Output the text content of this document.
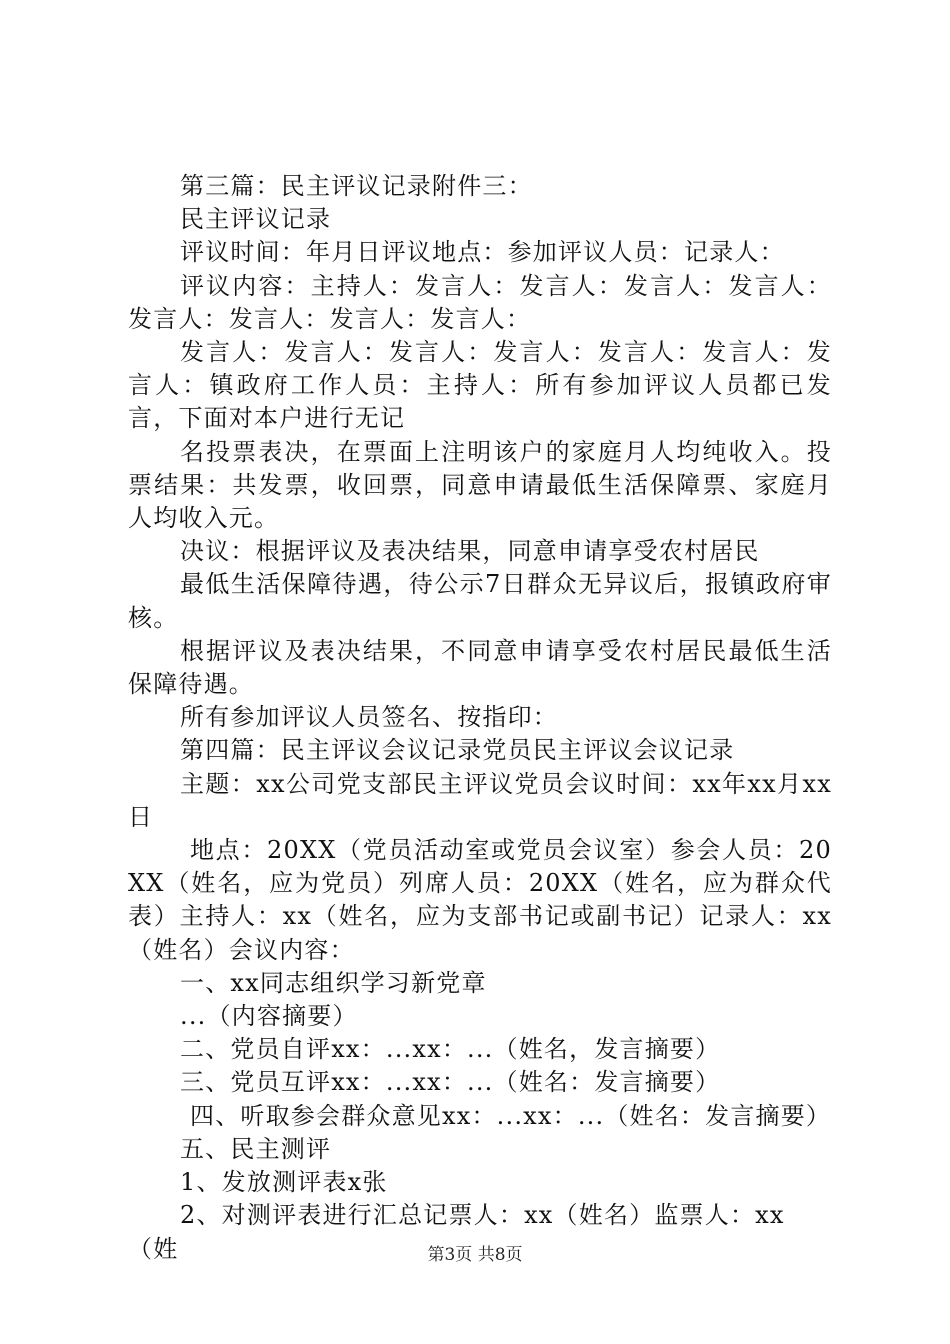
第三篇：民主评议记录附件三：

民主评议记录

评议时间：年月日评议地点：参加评议人员：记录人：

评议内容：主持人：发言人：发言人：发言人：发言人：发言人：发言人：发言人：发言人：

发言人：发言人：发言人：发言人：发言人：发言人：发言人：镇政府工作人员：主持人：所有参加评议人员都已发言，下面对本户进行无记

名投票表决，在票面上注明该户的家庭月人均纯收入。投票结果：共发票，收回票，同意申请最低生活保障票、家庭月人均收入元。

决议：根据评议及表决结果，同意申请享受农村居民

最低生活保障待遇，待公示7日群众无异议后，报镇政府审核。

根据评议及表决结果，不同意申请享受农村居民最低生活保障待遇。

所有参加评议人员签名、按指印：

第四篇：民主评议会议记录党员民主评议会议记录

主题：xx公司党支部民主评议党员会议时间：xx年xx月xx日

地点：20XX（党员活动室或党员会议室）参会人员：20XX（姓名，应为党员）列席人员：20XX（姓名，应为群众代表）主持人：xx（姓名，应为支部书记或副书记）记录人：xx（姓名）会议内容：

一、xx同志组织学习新党章

...（内容摘要）

二、党员自评xx：...xx：...（姓名，发言摘要）

三、党员互评xx：...xx：...（姓名：发言摘要）

四、听取参会群众意见xx：...xx：...（姓名：发言摘要）

五、民主测评

1、发放测评表x张

2、对测评表进行汇总记票人：xx（姓名）监票人：xx（姓	第3页 共8页
